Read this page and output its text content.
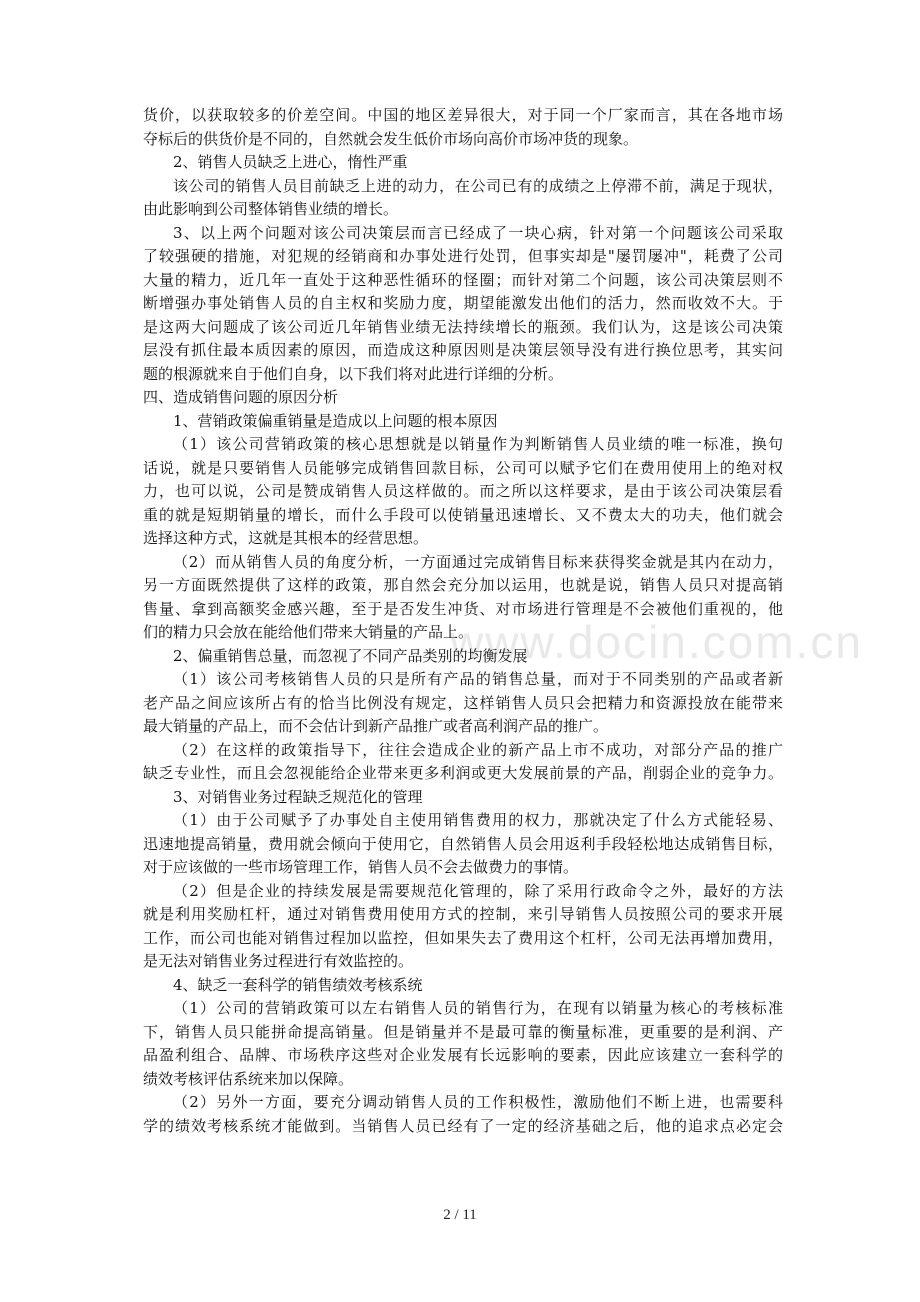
www.docin.com.cn
货价，以获取较多的价差空间。中国的地区差异很大，对于同一个厂家而言，其在各地市场
夺标后的供货价是不同的，自然就会发生低价市场向高价市场冲货的现象。
2、销售人员缺乏上进心，惰性严重
该公司的销售人员目前缺乏上进的动力，在公司已有的成绩之上停滞不前，满足于现状，
由此影响到公司整体销售业绩的增长。
3、以上两个问题对该公司决策层而言已经成了一块心病，针对第一个问题该公司采取
了较强硬的措施，对犯规的经销商和办事处进行处罚，但事实却是"屡罚屡冲"，耗费了公司
大量的精力，近几年一直处于这种恶性循环的怪圈；而针对第二个问题，该公司决策层则不
断增强办事处销售人员的自主权和奖励力度，期望能激发出他们的活力，然而收效不大。于
是这两大问题成了该公司近几年销售业绩无法持续增长的瓶颈。我们认为，这是该公司决策
层没有抓住最本质因素的原因，而造成这种原因则是决策层领导没有进行换位思考，其实问
题的根源就来自于他们自身，以下我们将对此进行详细的分析。
四、造成销售问题的原因分析
1、营销政策偏重销量是造成以上问题的根本原因
（1）该公司营销政策的核心思想就是以销量作为判断销售人员业绩的唯一标准，换句
话说，就是只要销售人员能够完成销售回款目标，公司可以赋予它们在费用使用上的绝对权
力，也可以说，公司是赞成销售人员这样做的。而之所以这样要求，是由于该公司决策层看
重的就是短期销量的增长，而什么手段可以使销量迅速增长、又不费太大的功夫，他们就会
选择这种方式，这就是其根本的经营思想。
（2）而从销售人员的角度分析，一方面通过完成销售目标来获得奖金就是其内在动力，
另一方面既然提供了这样的政策，那自然会充分加以运用，也就是说，销售人员只对提高销
售量、拿到高额奖金感兴趣，至于是否发生冲货、对市场进行管理是不会被他们重视的，他
们的精力只会放在能给他们带来大销量的产品上。
2、偏重销售总量，而忽视了不同产品类别的均衡发展
（1）该公司考核销售人员的只是所有产品的销售总量，而对于不同类别的产品或者新
老产品之间应该所占有的恰当比例没有规定，这样销售人员只会把精力和资源投放在能带来
最大销量的产品上，而不会估计到新产品推广或者高利润产品的推广。
（2）在这样的政策指导下，往往会造成企业的新产品上市不成功，对部分产品的推广
缺乏专业性，而且会忽视能给企业带来更多利润或更大发展前景的产品，削弱企业的竞争力。
3、对销售业务过程缺乏规范化的管理
（1）由于公司赋予了办事处自主使用销售费用的权力，那就决定了什么方式能轻易、
迅速地提高销量，费用就会倾向于使用它，自然销售人员会用返利手段轻松地达成销售目标，
对于应该做的一些市场管理工作，销售人员不会去做费力的事情。
（2）但是企业的持续发展是需要规范化管理的，除了采用行政命令之外，最好的方法
就是利用奖励杠杆，通过对销售费用使用方式的控制，来引导销售人员按照公司的要求开展
工作，而公司也能对销售过程加以监控，但如果失去了费用这个杠杆，公司无法再增加费用，
是无法对销售业务过程进行有效监控的。
4、缺乏一套科学的销售绩效考核系统
（1）公司的营销政策可以左右销售人员的销售行为，在现有以销量为核心的考核标准
下，销售人员只能拼命提高销量。但是销量并不是最可靠的衡量标准，更重要的是利润、产
品盈利组合、品牌、市场秩序这些对企业发展有长远影响的要素，因此应该建立一套科学的
绩效考核评估系统来加以保障。
（2）另外一方面，要充分调动销售人员的工作积极性，激励他们不断上进，也需要科
学的绩效考核系统才能做到。当销售人员已经有了一定的经济基础之后，他的追求点必定会
2 / 11
